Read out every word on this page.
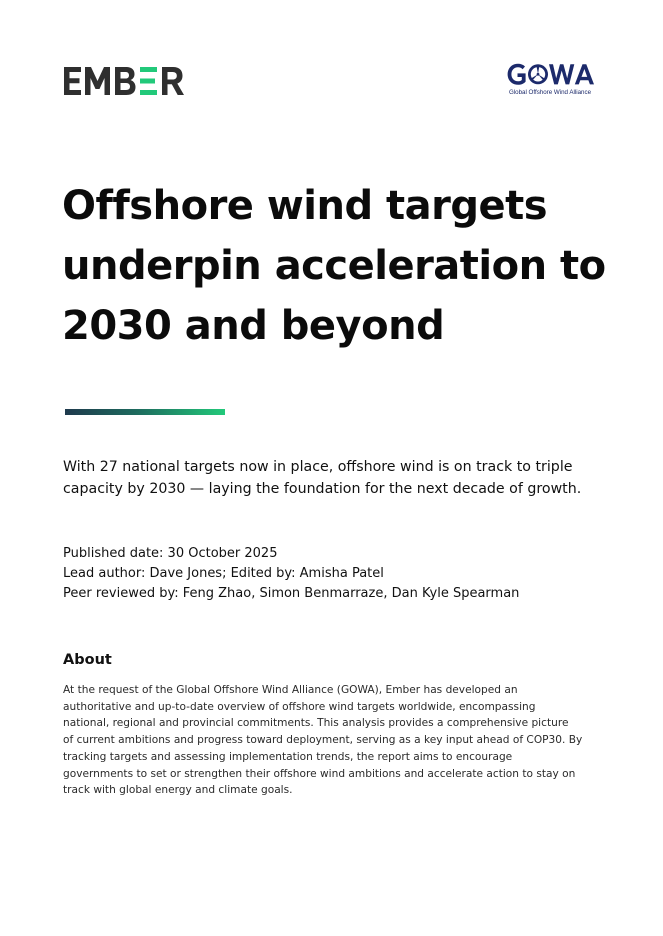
Global Offshore Wind Alliance
Offshore wind targets
underpin acceleration to
2030 and beyond

With 27 national targets now in place, offshore wind is on track to triple
capacity by 2030 — laying the foundation for the next decade of growth.

Published date: 30 October 2025
Lead author: Dave Jones; Edited by: Amisha Patel
Peer reviewed by: Feng Zhao, Simon Benmarraze, Dan Kyle Spearman
About

At the request of the Global Offshore Wind Alliance (GOWA), Ember has developed an
authoritative and up-to-date overview of offshore wind targets worldwide, encompassing
national, regional and provincial commitments. This analysis provides a comprehensive picture
of current ambitions and progress toward deployment, serving as a key input ahead of COP30. By
tracking targets and assessing implementation trends, the report aims to encourage
governments to set or strengthen their offshore wind ambitions and accelerate action to stay on
track with global energy and climate goals.
